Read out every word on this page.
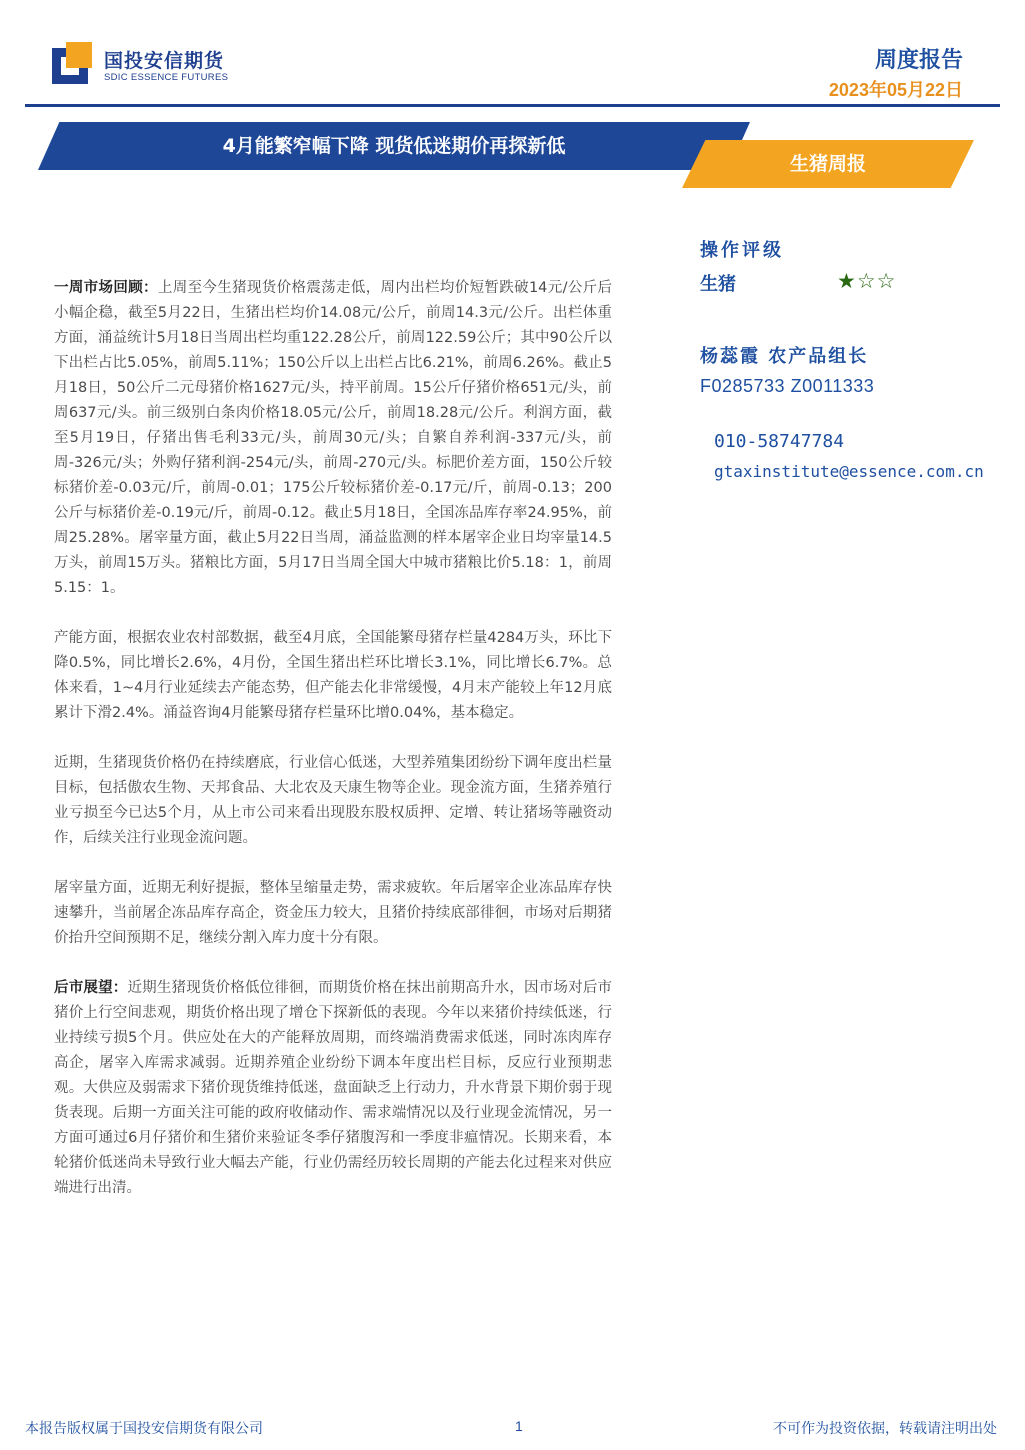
国投安信期货
SDIC ESSENCE FUTURES
周度报告
2023年05月22日
4月能繁窄幅下降 现货低迷期价再探新低
生猪周报

一周市场回顾：上周至今生猪现货价格震荡走低，周内出栏均价短暂跌破14元/公斤后小幅企稳，截至5月22日，生猪出栏均价14.08元/公斤，前周14.3元/公斤。出栏体重方面，涌益统计5月18日当周出栏均重122.28公斤，前周122.59公斤；其中90公斤以下出栏占比5.05%，前周5.11%；150公斤以上出栏占比6.21%，前周6.26%。截止5月18日，50公斤二元母猪价格1627元/头，持平前周。15公斤仔猪价格651元/头，前周637元/头。前三级别白条肉价格18.05元/公斤，前周18.28元/公斤。利润方面，截至5月19日，仔猪出售毛利33元/头，前周30元/头；自繁自养利润-337元/头，前周-326元/头；外购仔猪利润-254元/头，前周-270元/头。标肥价差方面，150公斤较标猪价差-0.03元/斤，前周-0.01；175公斤较标猪价差-0.17元/斤，前周-0.13；200公斤与标猪价差-0.19元/斤，前周-0.12。截止5月18日，全国冻品库存率24.95%，前周25.28%。屠宰量方面，截止5月22日当周，涌益监测的样本屠宰企业日均宰量14.5万头，前周15万头。猪粮比方面，5月17日当周全国大中城市猪粮比价5.18：1，前周5.15：1。

产能方面，根据农业农村部数据，截至4月底，全国能繁母猪存栏量4284万头，环比下降0.5%，同比增长2.6%，4月份，全国生猪出栏环比增长3.1%，同比增长6.7%。总体来看，1~4月行业延续去产能态势，但产能去化非常缓慢，4月末产能较上年12月底累计下滑2.4%。涌益咨询4月能繁母猪存栏量环比增0.04%，基本稳定。

近期，生猪现货价格仍在持续磨底，行业信心低迷，大型养殖集团纷纷下调年度出栏量目标，包括傲农生物、天邦食品、大北农及天康生物等企业。现金流方面，生猪养殖行业亏损至今已达5个月，从上市公司来看出现股东股权质押、定增、转让猪场等融资动作，后续关注行业现金流问题。

屠宰量方面，近期无利好提振，整体呈缩量走势，需求疲软。年后屠宰企业冻品库存快速攀升，当前屠企冻品库存高企，资金压力较大，且猪价持续底部徘徊，市场对后期猪价抬升空间预期不足，继续分割入库力度十分有限。

后市展望：近期生猪现货价格低位徘徊，而期货价格在抹出前期高升水，因市场对后市猪价上行空间悲观，期货价格出现了增仓下探新低的表现。今年以来猪价持续低迷，行业持续亏损5个月。供应处在大的产能释放周期，而终端消费需求低迷，同时冻肉库存高企，屠宰入库需求减弱。近期养殖企业纷纷下调本年度出栏目标，反应行业预期悲观。大供应及弱需求下猪价现货维持低迷，盘面缺乏上行动力，升水背景下期价弱于现货表现。后期一方面关注可能的政府收储动作、需求端情况以及行业现金流情况，另一方面可通过6月仔猪价和生猪价来验证冬季仔猪腹泻和一季度非瘟情况。长期来看，本轮猪价低迷尚未导致行业大幅去产能，行业仍需经历较长周期的产能去化过程来对供应端进行出清。

操作评级
生猪	★☆☆
杨蕊霞 农产品组长
F0285733 Z0011333
010-58747784
gtaxinstitute@essence.com.cn
本报告版权属于国投安信期货有限公司	1	不可作为投资依据，转载请注明出处
